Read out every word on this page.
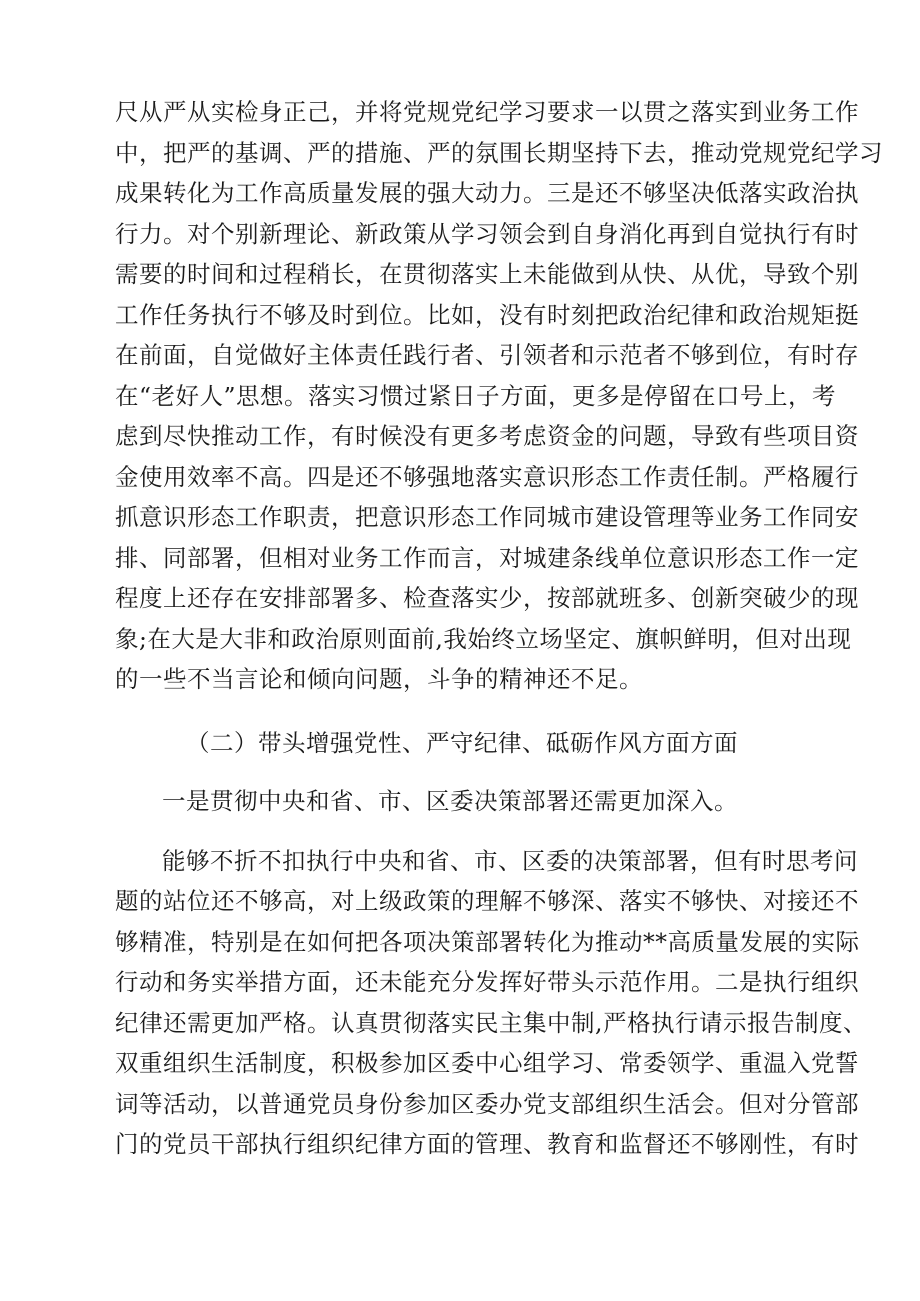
尺从严从实检身正己，并将党规党纪学习要求一以贯之落实到业务工作
中，把严的基调、严的措施、严的氛围长期坚持下去，推动党规党纪学习
成果转化为工作高质量发展的强大动力。三是还不够坚决低落实政治执
行力。对个别新理论、新政策从学习领会到自身消化再到自觉执行有时
需要的时间和过程稍长，在贯彻落实上未能做到从快、从优，导致个别
工作任务执行不够及时到位。比如，没有时刻把政治纪律和政治规矩挺
在前面，自觉做好主体责任践行者、引领者和示范者不够到位，有时存
在“老好人”思想。落实习惯过紧日子方面，更多是停留在口号上，考
虑到尽快推动工作，有时候没有更多考虑资金的问题，导致有些项目资
金使用效率不高。四是还不够强地落实意识形态工作责任制。严格履行
抓意识形态工作职责，把意识形态工作同城市建设管理等业务工作同安
排、同部署，但相对业务工作而言，对城建条线单位意识形态工作一定
程度上还存在安排部署多、检查落实少，按部就班多、创新突破少的现
象;在大是大非和政治原则面前,我始终立场坚定、旗帜鲜明，但对出现
的一些不当言论和倾向问题，斗争的精神还不足。
（二）带头增强党性、严守纪律、砥砺作风方面方面
一是贯彻中央和省、市、区委决策部署还需更加深入。
能够不折不扣执行中央和省、市、区委的决策部署，但有时思考问
题的站位还不够高，对上级政策的理解不够深、落实不够快、对接还不
够精准，特别是在如何把各项决策部署转化为推动**高质量发展的实际
行动和务实举措方面，还未能充分发挥好带头示范作用。二是执行组织
纪律还需更加严格。认真贯彻落实民主集中制,严格执行请示报告制度、
双重组织生活制度，积极参加区委中心组学习、常委领学、重温入党誓
词等活动，以普通党员身份参加区委办党支部组织生活会。但对分管部
门的党员干部执行组织纪律方面的管理、教育和监督还不够刚性，有时
